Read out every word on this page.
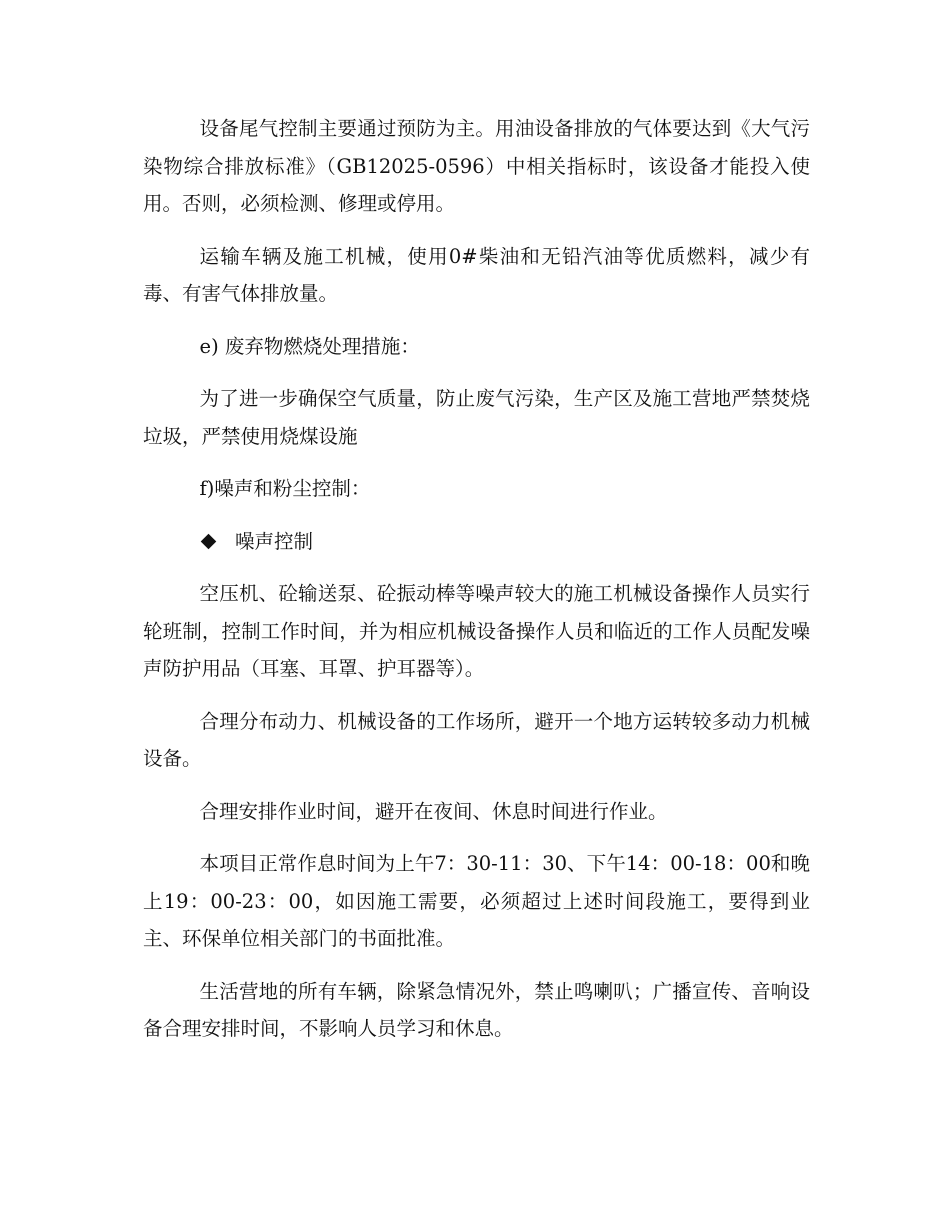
设备尾气控制主要通过预防为主。用油设备排放的气体要达到《大气污染物综合排放标准》（GB12025-0596）中相关指标时，该设备才能投入使用。否则，必须检测、修理或停用。

运输车辆及施工机械，使用0#柴油和无铅汽油等优质燃料，减少有毒、有害气体排放量。

e) 废弃物燃烧处理措施：

为了进一步确保空气质量，防止废气污染，生产区及施工营地严禁焚烧垃圾，严禁使用烧煤设施

f)噪声和粉尘控制：

噪声控制

空压机、砼输送泵、砼振动棒等噪声较大的施工机械设备操作人员实行轮班制，控制工作时间，并为相应机械设备操作人员和临近的工作人员配发噪声防护用品（耳塞、耳罩、护耳器等）。

合理分布动力、机械设备的工作场所，避开一个地方运转较多动力机械设备。

合理安排作业时间，避开在夜间、休息时间进行作业。

本项目正常作息时间为上午7：30-11：30、下午14：00-18：00和晚上19：00-23：00，如因施工需要，必须超过上述时间段施工，要得到业主、环保单位相关部门的书面批准。

生活营地的所有车辆，除紧急情况外，禁止鸣喇叭；广播宣传、音响设备合理安排时间，不影响人员学习和休息。
